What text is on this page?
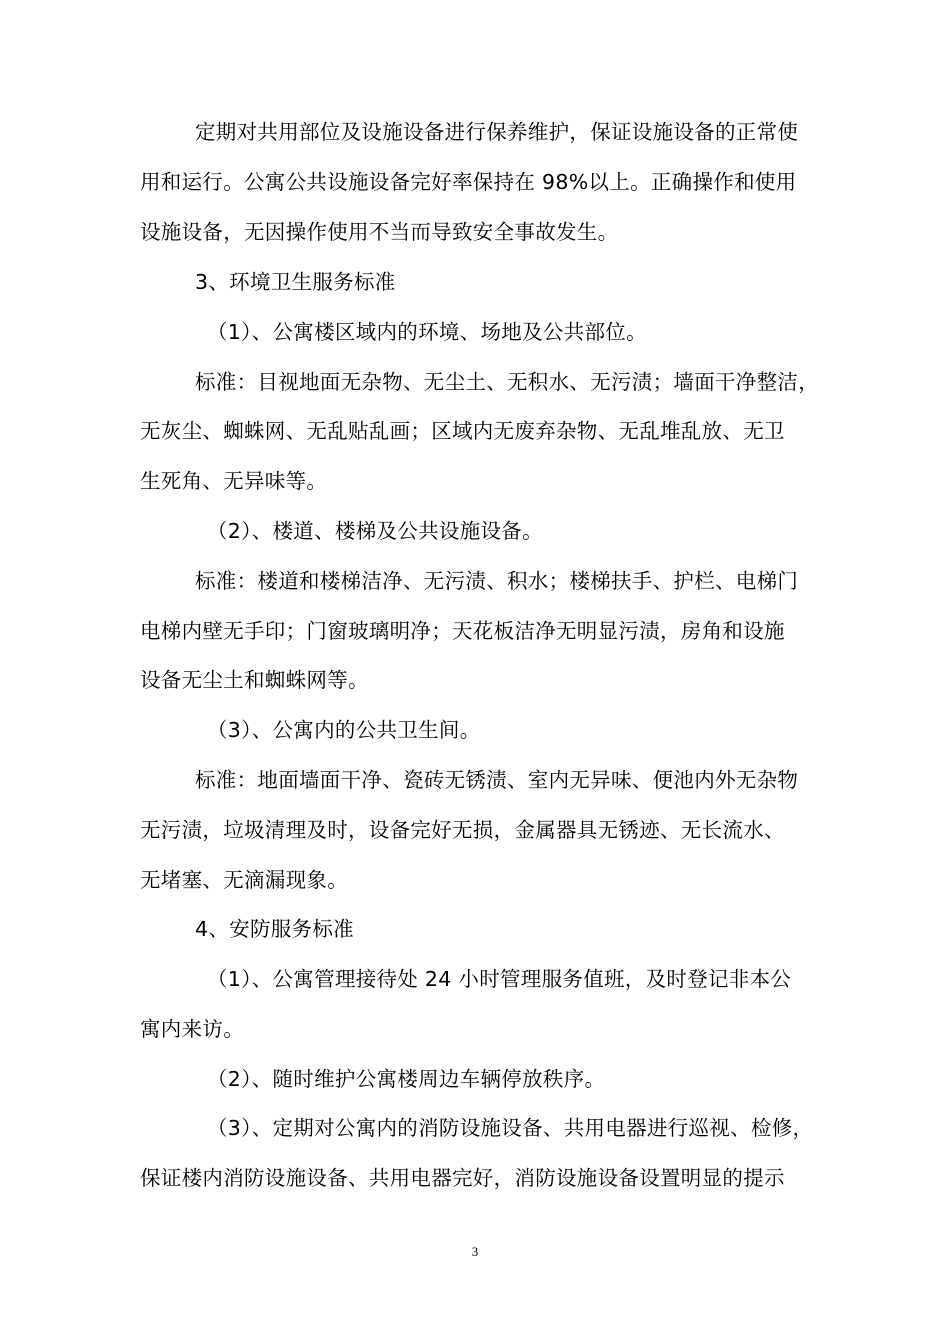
定期对共用部位及设施设备进行保养维护，保证设施设备的正常使
用和运行。公寓公共设施设备完好率保持在 98%以上。正确操作和使用
设施设备，无因操作使用不当而导致安全事故发生。
3、环境卫生服务标准
（1）、公寓楼区域内的环境、场地及公共部位。
标准：目视地面无杂物、无尘土、无积水、无污渍；墙面干净整洁，
无灰尘、蜘蛛网、无乱贴乱画；区域内无废弃杂物、无乱堆乱放、无卫
生死角、无异味等。
（2）、楼道、楼梯及公共设施设备。
标准：楼道和楼梯洁净、无污渍、积水；楼梯扶手、护栏、电梯门
电梯内壁无手印；门窗玻璃明净；天花板洁净无明显污渍，房角和设施
设备无尘土和蜘蛛网等。
（3）、公寓内的公共卫生间。
标准：地面墙面干净、瓷砖无锈渍、室内无异味、便池内外无杂物
无污渍，垃圾清理及时，设备完好无损，金属器具无锈迹、无长流水、
无堵塞、无滴漏现象。
4、安防服务标准
（1）、公寓管理接待处 24 小时管理服务值班，及时登记非本公
寓内来访。
（2）、随时维护公寓楼周边车辆停放秩序。
（3）、定期对公寓内的消防设施设备、共用电器进行巡视、检修，
保证楼内消防设施设备、共用电器完好，消防设施设备设置明显的提示
3
